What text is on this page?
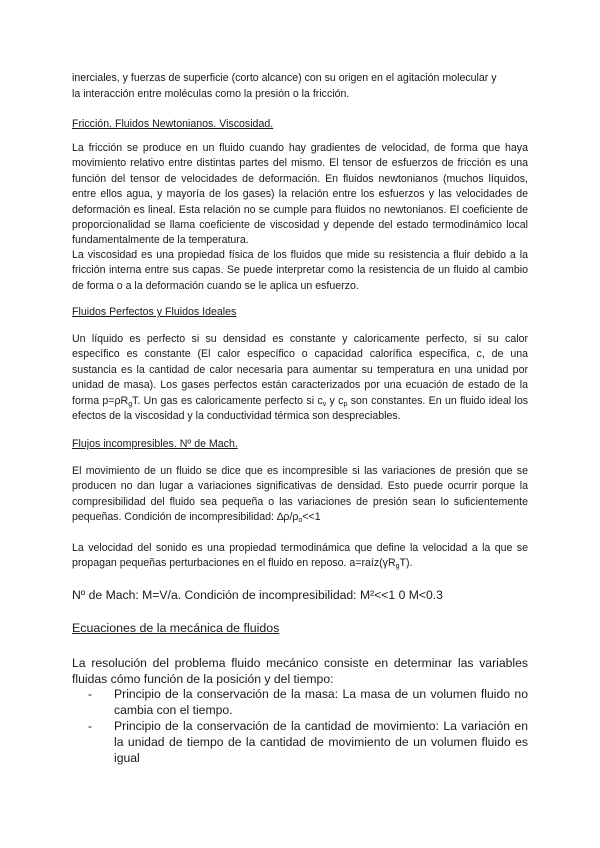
inerciales, y fuerzas de superficie (corto alcance) con su origen en el agitación molecular y

la interacción entre moléculas como la presión o la fricción.

Fricción. Fluidos Newtonianos. Viscosidad.

La fricción se produce en un fluido cuando hay gradientes de velocidad, de forma que haya movimiento relativo entre distintas partes del mismo. El tensor de esfuerzos de fricción es una función del tensor de velocidades de deformación. En fluidos newtonianos (muchos líquidos, entre ellos agua, y mayoría de los gases) la relación entre los esfuerzos y las velocidades de deformación es lineal. Esta relación no se cumple para fluidos no newtonianos. El coeficiente de proporcionalidad se llama coeficiente de viscosidad y depende del estado termodinámico local fundamentalmente de la temperatura.

La viscosidad es una propiedad física de los fluidos que mide su resistencia a fluir debido a la fricción interna entre sus capas. Se puede interpretar como la resistencia de un fluido al cambio de forma o a la deformación cuando se le aplica un esfuerzo.

Fluidos Perfectos y Fluidos Ideales

Un líquido es perfecto si su densidad es constante y caloricamente perfecto, si su calor específico es constante (El calor específico o capacidad calorífica específica, c, de una sustancia es la cantidad de calor necesaria para aumentar su temperatura en una unidad por unidad de masa). Los gases perfectos están caracterizados por una ecuación de estado de la forma $p=\rho R_gT$. Un gas es caloricamente perfecto si $c_v$ y $c_p$ son constantes. En un fluido ideal los efectos de la viscosidad y la conductividad térmica son despreciables.

Flujos incompresibles. Nº de Mach.

El movimiento de un fluido se dice que es incompresible si las variaciones de presión que se producen no dan lugar a variaciones significativas de densidad. Esto puede ocurrir porque la compresibilidad del fluido sea pequeña o las variaciones de presión sean lo suficientemente pequeñas. Condición de incompresibilidad: $\Delta\rho/\rho_o<<1$

La velocidad del sonido es una propiedad termodinámica que define la velocidad a la que se propagan pequeñas perturbaciones en el fluido en reposo. $a=raíz(\gamma R_gT)$.

Nº de Mach: M=V/a. Condición de incompresibilidad: M²<<1 0 M<0.3

Ecuaciones de la mecánica de fluidos

La resolución del problema fluido mecánico consiste en determinar las variables fluidas cómo función de la posición y del tiempo:

- Principio de la conservación de la masa: La masa de un volumen fluido no cambia con el tiempo.
- Principio de la conservación de la cantidad de movimiento: La variación en la unidad de tiempo de la cantidad de movimiento de un volumen fluido es igual
